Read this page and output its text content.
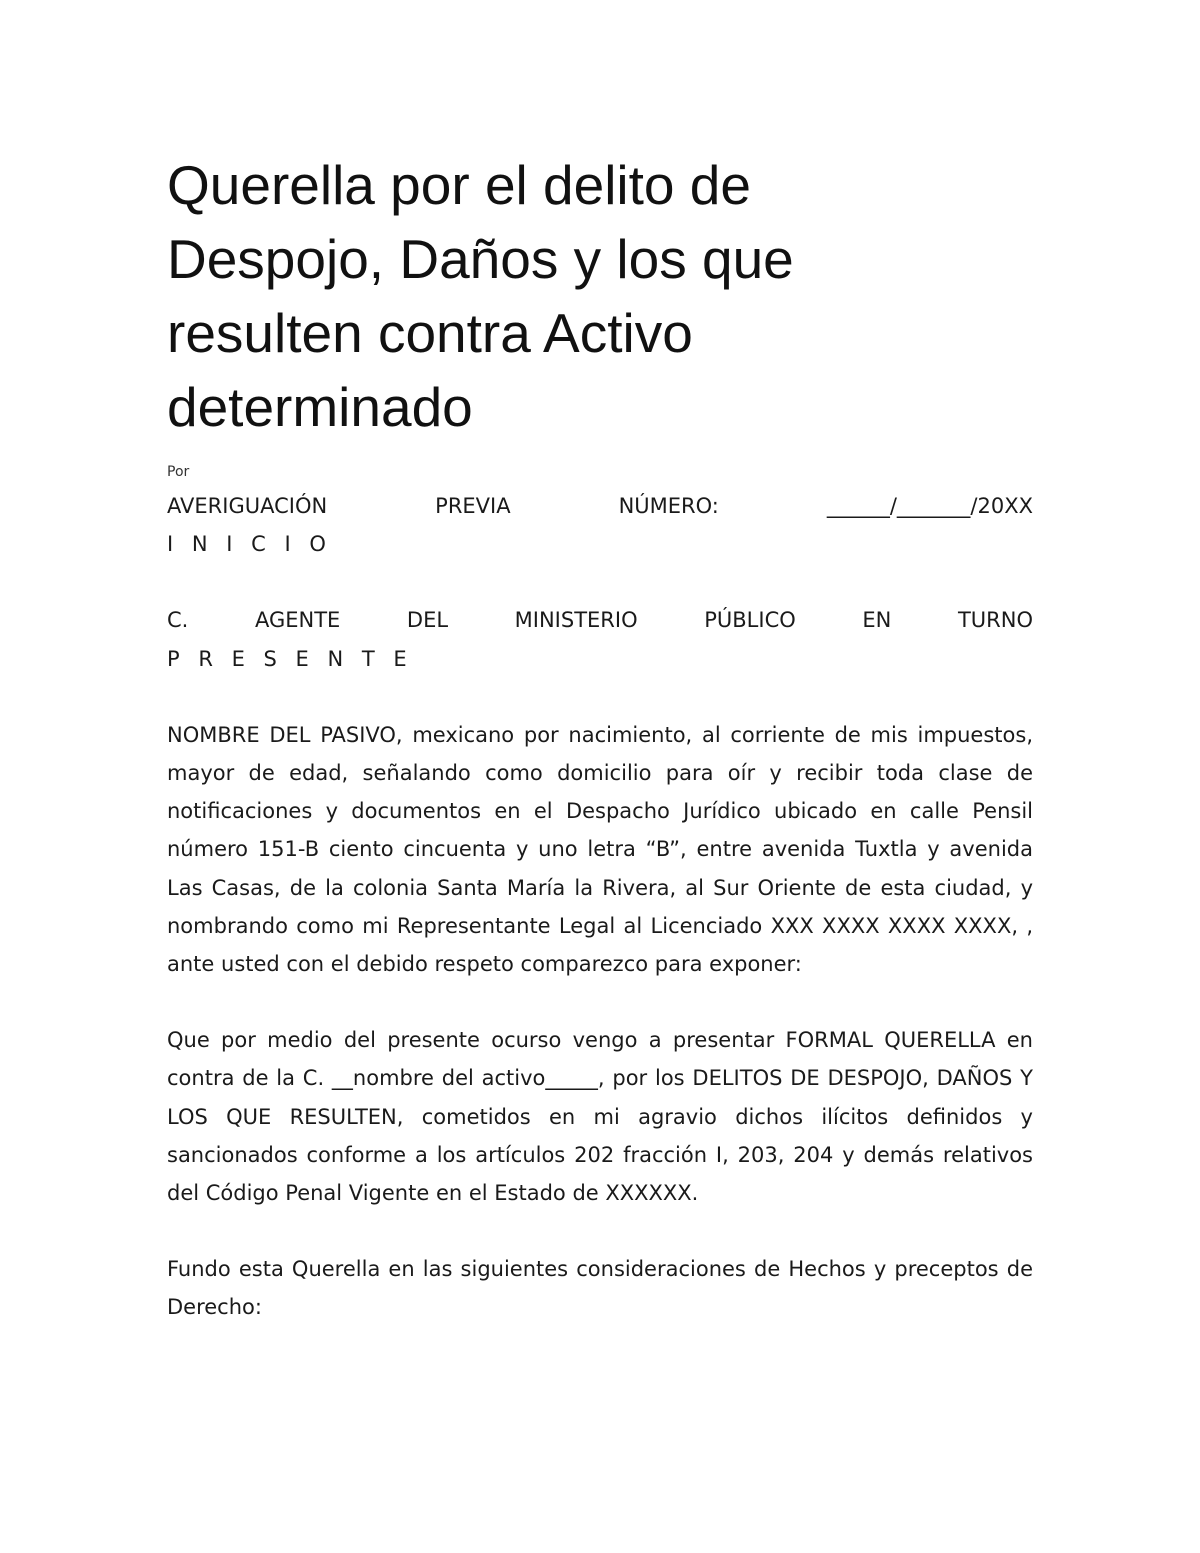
Querella por el delito de
Despojo, Daños y los que
resulten contra Activo
determinado
Por
AVERIGUACIÓN	PREVIA	NÚMERO:	______/_______/20XX
I N I C I O
C.	AGENTE	DEL	MINISTERIO	PÚBLICO	EN	TURNO
P R E S E N T E

NOMBRE DEL PASIVO, mexicano por nacimiento, al corriente de mis impuestos, mayor de edad, señalando como domicilio para oír y recibir toda clase de notificaciones y documentos en el Despacho Jurídico ubicado en calle Pensil número 151-B ciento cincuenta y uno letra “B”, entre avenida Tuxtla y avenida Las Casas, de la colonia Santa María la Rivera, al Sur Oriente de esta ciudad, y nombrando como mi Representante Legal al Licenciado XXX XXXX XXXX XXXX, , ante usted con el debido respeto comparezco para exponer:

Que por medio del presente ocurso vengo a presentar FORMAL QUERELLA en contra de la C. __nombre del activo_____, por los DELITOS DE DESPOJO, DAÑOS Y LOS QUE RESULTEN, cometidos en mi agravio dichos ilícitos definidos y sancionados conforme a los artículos 202 fracción I, 203, 204 y demás relativos del Código Penal Vigente en el Estado de XXXXXX.

Fundo esta Querella en las siguientes consideraciones de Hechos y preceptos de Derecho:
